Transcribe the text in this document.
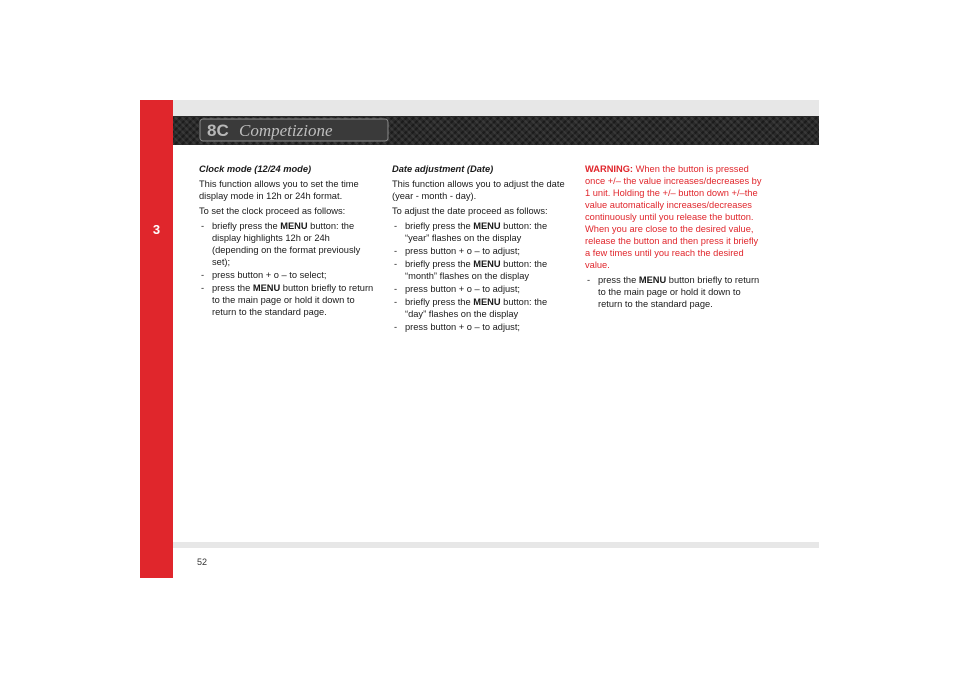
3
8C Competizione

Clock mode (12/24 mode)

This function allows you to set the time display mode in 12h or 24h format.

To set the clock proceed as follows:

- briefly press the MENU button: the display highlights 12h or 24h (depending on the format previously set);
- press button + o – to select;
- press the MENU button briefly to return to the main page or hold it down to return to the standard page.

Date adjustment (Date)

This function allows you to adjust the date (year - month - day).

To adjust the date proceed as follows:

- briefly press the MENU button: the “year” flashes on the display
- press button + o – to adjust;
- briefly press the MENU button: the “month” flashes on the display
- press button + o – to adjust;
- briefly press the MENU button: the “day” flashes on the display
- press button + o – to adjust;

WARNING: When the button is pressed once +/– the value increases/decreases by 1 unit. Holding the +/– button down +/–the value automatically increases/decreases continuously until you release the button. When you are close to the desired value, release the button and then press it briefly a few times until you reach the desired value.

- press the MENU button briefly to return to the main page or hold it down to return to the standard page.
52
